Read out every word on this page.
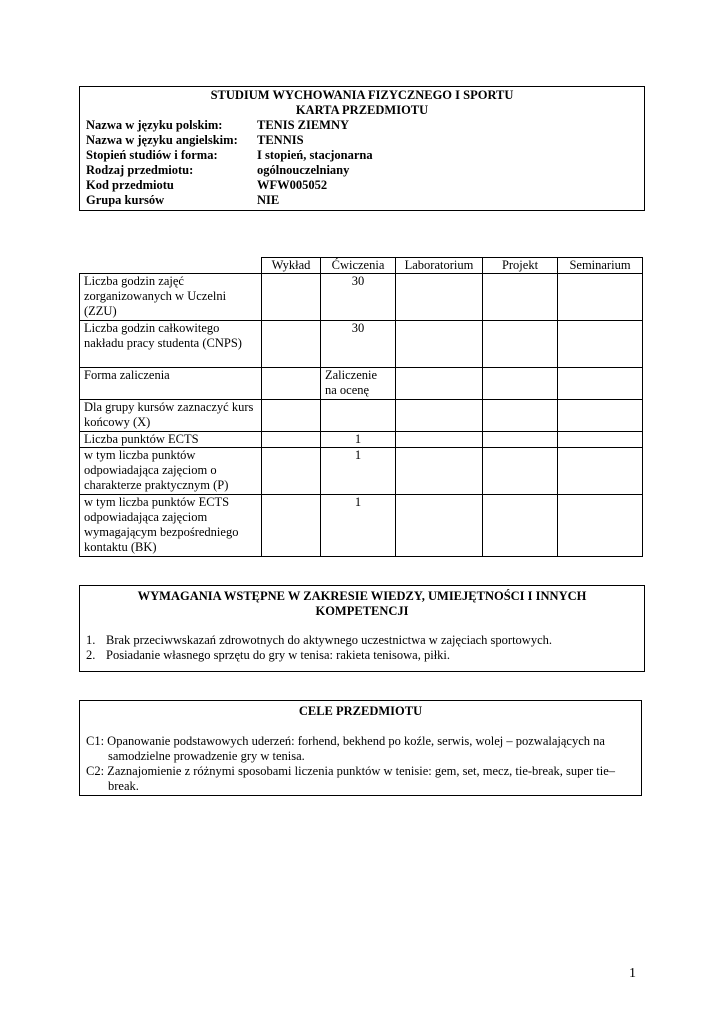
STUDIUM WYCHOWANIA FIZYCZNEGO I SPORTU
KARTA PRZEDMIOTU
Nazwa w języku polskim:	TENIS ZIEMNY
Nazwa w języku angielskim:	TENNIS
Stopień studiów i forma:	I stopień, stacjonarna
Rodzaj przedmiotu:	ogólnouczelniany
Kod przedmiotu	WFW005052
Grupa kursów	NIE
	Wykład	Ćwiczenia	Laboratorium	Projekt	Seminarium
Liczba godzin zajęć zorganizowanych w Uczelni (ZZU)		30			
Liczba godzin całkowitego nakładu pracy studenta (CNPS)		30			
Forma zaliczenia		Zaliczenie na ocenę			
Dla grupy kursów zaznaczyć kurs końcowy (X)					
Liczba punktów ECTS		1			
w tym liczba punktów odpowiadająca zajęciom o charakterze praktycznym (P)		1			
w tym liczba punktów ECTS odpowiadająca zajęciom wymagającym bezpośredniego kontaktu (BK)		1			
WYMAGANIA WSTĘPNE W ZAKRESIE WIEDZY, UMIEJĘTNOŚCI I INNYCH KOMPETENCJI
1. Brak przeciwwskazań zdrowotnych do aktywnego uczestnictwa w zajęciach sportowych.
2. Posiadanie własnego sprzętu do gry w tenisa: rakieta tenisowa, piłki.
CELE PRZEDMIOTU
C1: Opanowanie podstawowych uderzeń: forhend, bekhend po koźle, serwis, wolej – pozwalających na samodzielne prowadzenie gry w tenisa.
C2: Zaznajomienie z różnymi sposobami liczenia punktów w tenisie: gem, set, mecz, tie-break, super tie–break.
1
